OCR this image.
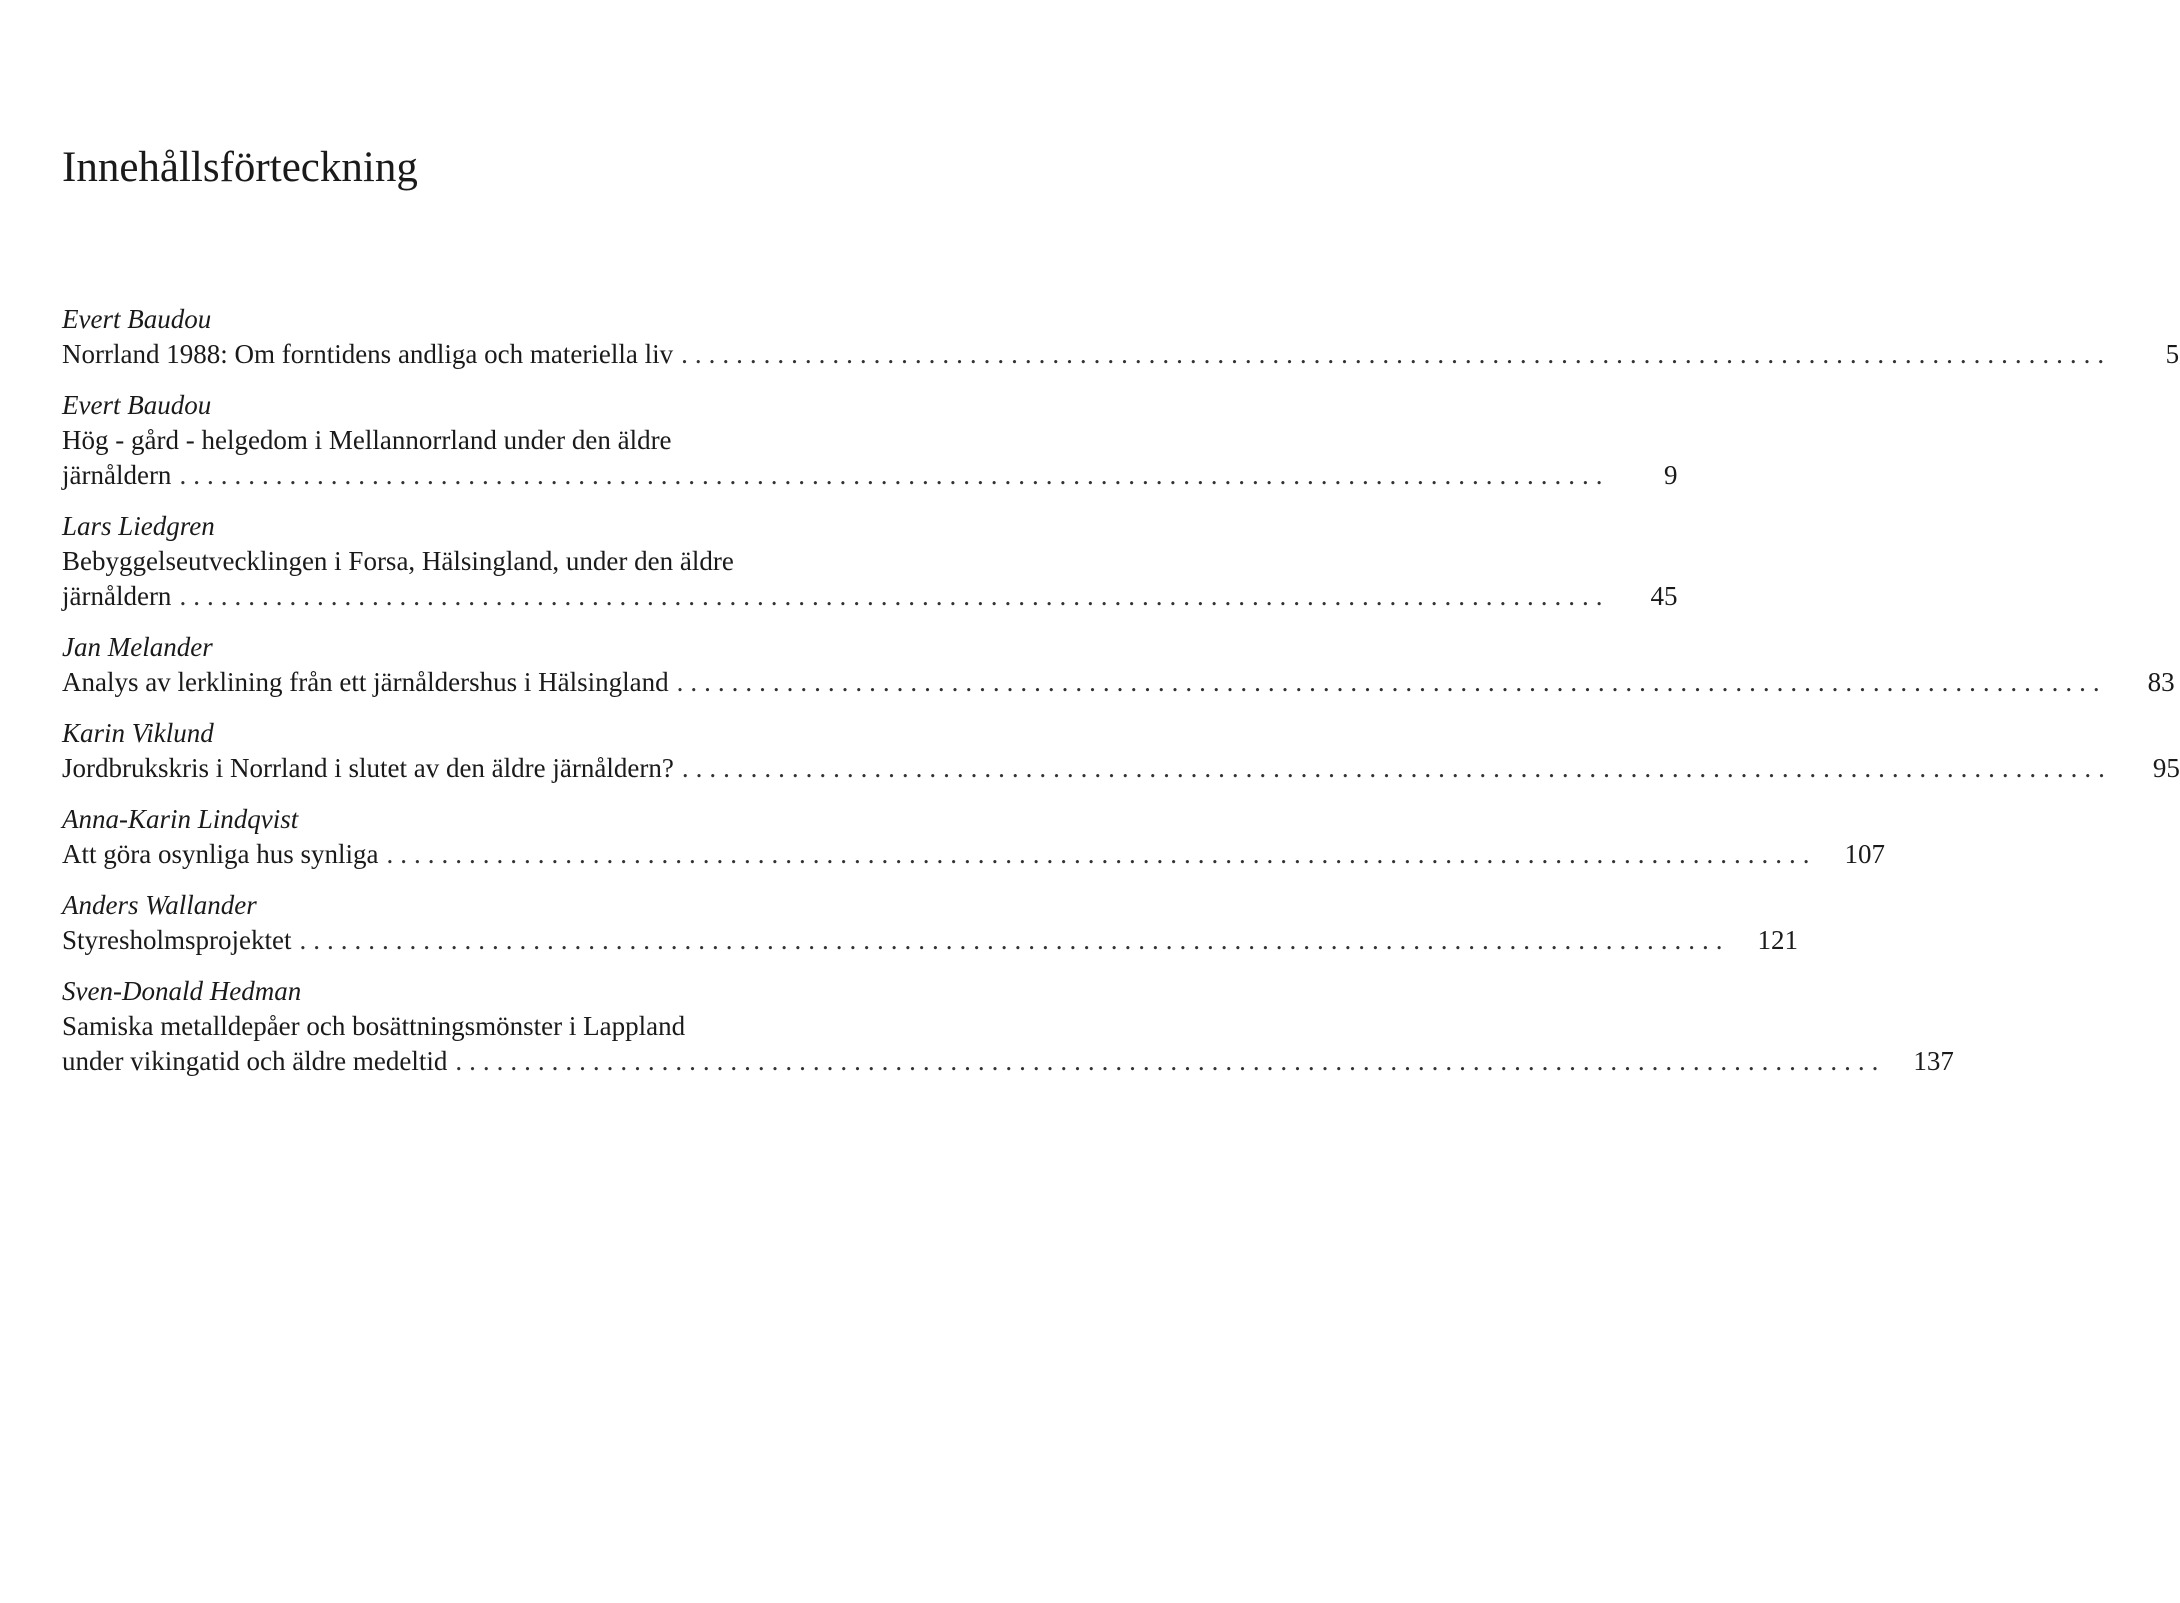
Innehållsförteckning
Evert Baudou
Norrland 1988: Om forntidens andliga och materiella liv ........................................................................................................	5
Evert Baudou
Hög - gård - helgedom i Mellannorrland under den äldre
järnåldern ........................................................................................................	9
Lars Liedgren
Bebyggelseutvecklingen i Forsa, Hälsingland, under den äldre
järnåldern ........................................................................................................	45
Jan Melander
Analys av lerklining från ett järnåldershus i Hälsingland ........................................................................................................	83
Karin Viklund
Jordbrukskris i Norrland i slutet av den äldre järnåldern? ........................................................................................................	95
Anna-Karin Lindqvist
Att göra osynliga hus synliga ........................................................................................................ 107
Anders Wallander
Styresholmsprojektet ........................................................................................................ 121
Sven-Donald Hedman
Samiska metalldepåer och bosättningsmönster i Lappland
under vikingatid och äldre medeltid ........................................................................................................ 137
